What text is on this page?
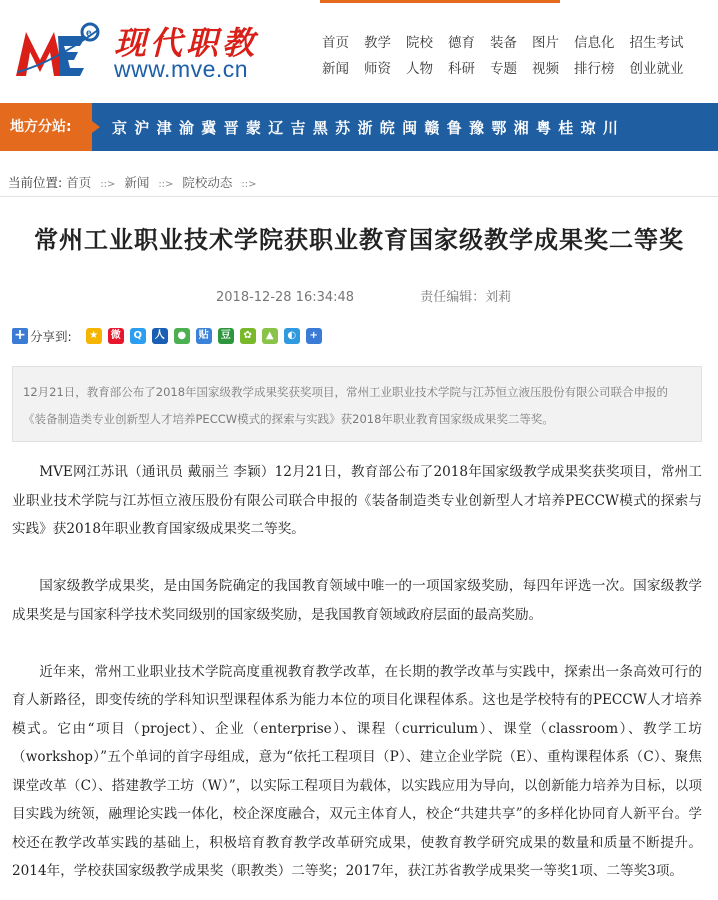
e 现代职教
www.mve.cn
首页 教学 院校 德育 装备 图片 信息化 招生考试
新闻 师资 人物 科研 专题 视频 排行榜 创业就业
地方分站:	京 沪 津 渝 冀 晋 蒙 辽 吉 黑 苏 浙 皖 闽 赣 鲁 豫 鄂 湘 粤 桂 琼 川
当前位置: 首页 ::> 新闻 ::> 院校动态 ::>
常州工业职业技术学院获职业教育国家级教学成果奖二等奖
2018-12-28 16:34:48	责任编辑：刘莉
+ 分享到:	★	微	Q	人	●	贴	豆	✿	▲	◐	+
12月21日，教育部公布了2018年国家级教学成果奖获奖项目，常州工业职业技术学院与江苏恒立液压股份有限公司联合申报的《装备制造类专业创新型人才培养PECCW模式的探索与实践》获2018年职业教育国家级成果奖二等奖。

MVE网江苏讯（通讯员 戴丽兰 李颖）12月21日，教育部公布了2018年国家级教学成果奖获奖项目，常州工业职业技术学院与江苏恒立液压股份有限公司联合申报的《装备制造类专业创新型人才培养PECCW模式的探索与实践》获2018年职业教育国家级成果奖二等奖。

国家级教学成果奖，是由国务院确定的我国教育领域中唯一的一项国家级奖励，每四年评选一次。国家级教学成果奖是与国家科学技术奖同级别的国家级奖励，是我国教育领域政府层面的最高奖励。

近年来，常州工业职业技术学院高度重视教育教学改革，在长期的教学改革与实践中，探索出一条高效可行的育人新路径，即变传统的学科知识型课程体系为能力本位的项目化课程体系。这也是学校特有的PECCW人才培养模式。它由“项目（project）、企业（enterprise）、课程（curriculum）、课堂（classroom）、教学工坊（workshop）”五个单词的首字母组成，意为“依托工程项目（P）、建立企业学院（E）、重构课程体系（C）、聚焦课堂改革（C）、搭建教学工坊（W）”，以实际工程项目为载体，以实践应用为导向，以创新能力培养为目标，以项目实践为统领，融理论实践一体化，校企深度融合，双元主体育人，校企“共建共享”的多样化协同育人新平台。学校还在教学改革实践的基础上，积极培育教育教学改革研究成果，使教育教学研究成果的数量和质量不断提升。2014年，学校获国家级教学成果奖（职教类）二等奖；2017年，获江苏省教学成果奖一等奖1项、二等奖3项。
